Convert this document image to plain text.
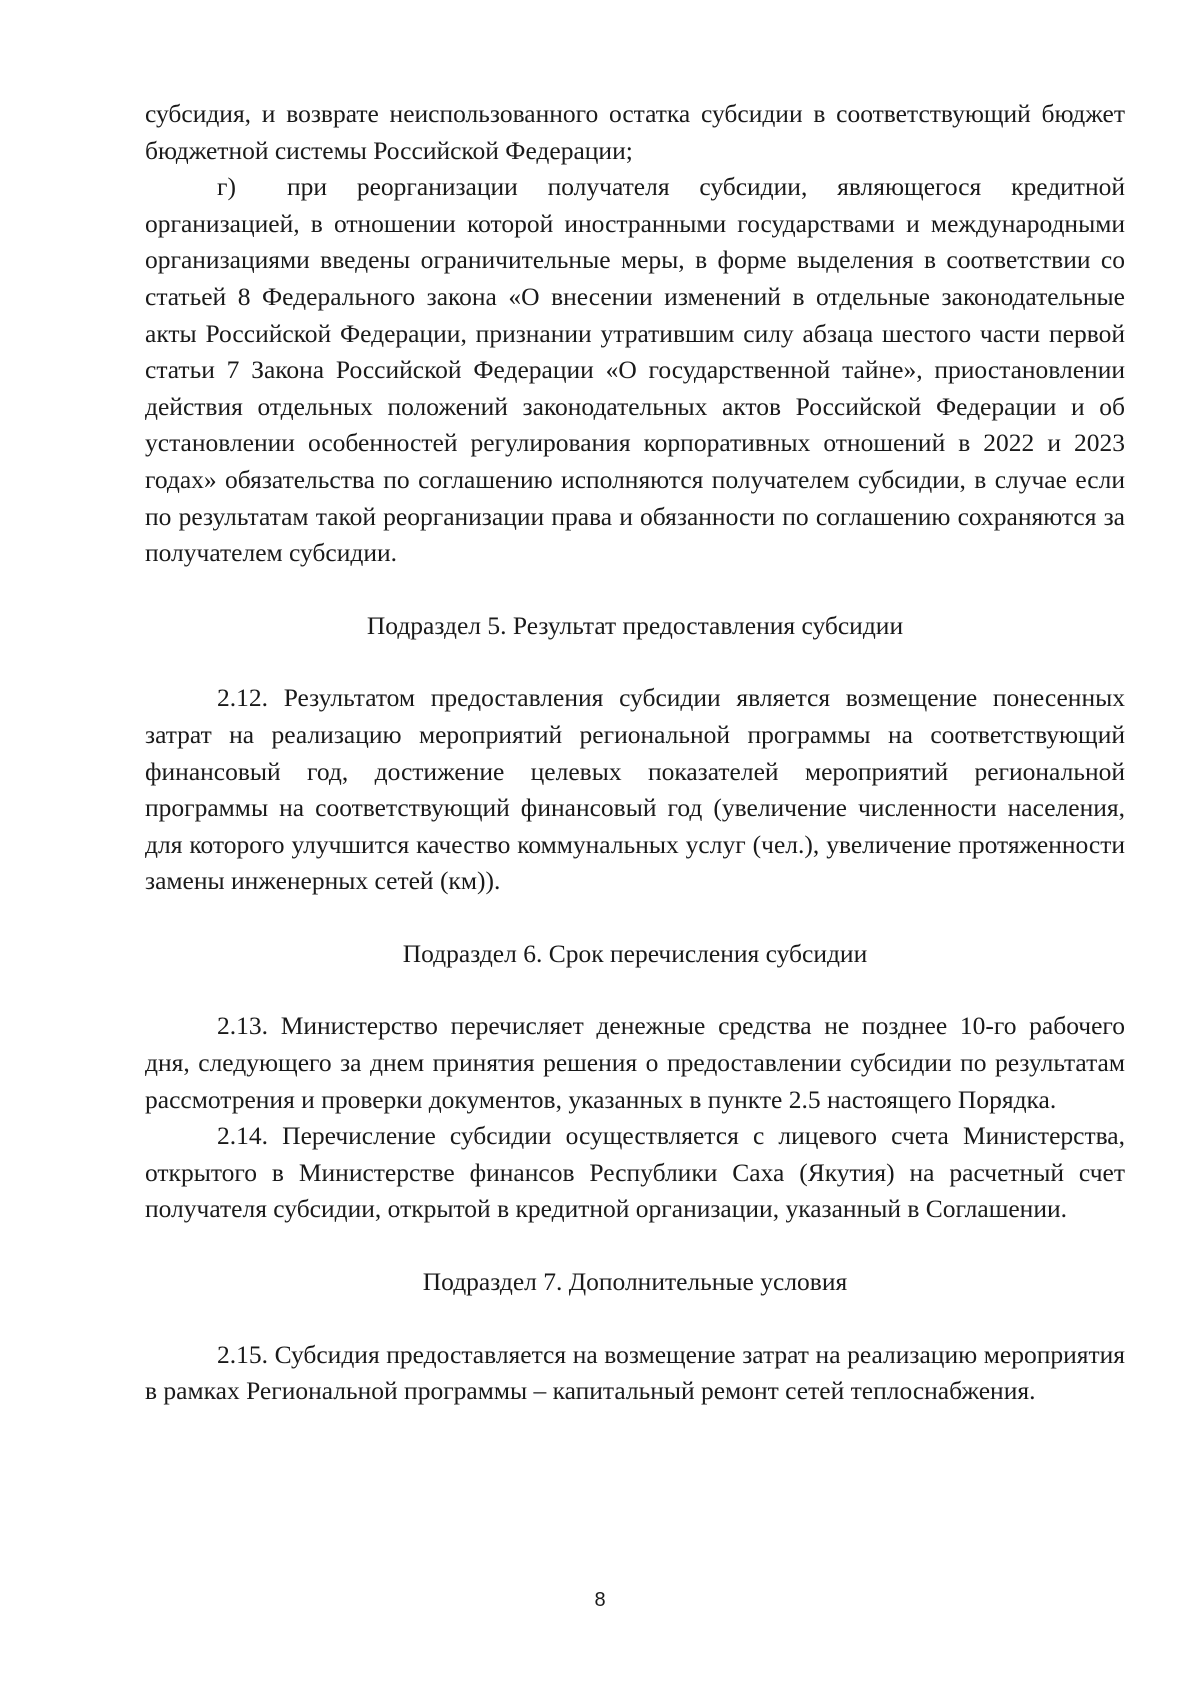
субсидия, и возврате неиспользованного остатка субсидии в соответствующий бюджет бюджетной системы Российской Федерации;

г) при реорганизации получателя субсидии, являющегося кредитной организацией, в отношении которой иностранными государствами и международными организациями введены ограничительные меры, в форме выделения в соответствии со статьей 8 Федерального закона «О внесении изменений в отдельные законодательные акты Российской Федерации, признании утратившим силу абзаца шестого части первой статьи 7 Закона Российской Федерации «О государственной тайне», приостановлении действия отдельных положений законодательных актов Российской Федерации и об установлении особенностей регулирования корпоративных отношений в 2022 и 2023 годах» обязательства по соглашению исполняются получателем субсидии, в случае если по результатам такой реорганизации права и обязанности по соглашению сохраняются за получателем субсидии.

Подраздел 5. Результат предоставления субсидии

2.12. Результатом предоставления субсидии является возмещение понесенных затрат на реализацию мероприятий региональной программы на соответствующий финансовый год, достижение целевых показателей мероприятий региональной программы на соответствующий финансовый год (увеличение численности населения, для которого улучшится качество коммунальных услуг (чел.), увеличение протяженности замены инженерных сетей (км)).

Подраздел 6. Срок перечисления субсидии

2.13. Министерство перечисляет денежные средства не позднее 10-го рабочего дня, следующего за днем принятия решения о предоставлении субсидии по результатам рассмотрения и проверки документов, указанных в пункте 2.5 настоящего Порядка.

2.14. Перечисление субсидии осуществляется с лицевого счета Министерства, открытого в Министерстве финансов Республики Саха (Якутия) на расчетный счет получателя субсидии, открытой в кредитной организации, указанный в Соглашении.

Подраздел 7. Дополнительные условия

2.15. Субсидия предоставляется на возмещение затрат на реализацию мероприятия в рамках Региональной программы – капитальный ремонт сетей теплоснабжения.

8
